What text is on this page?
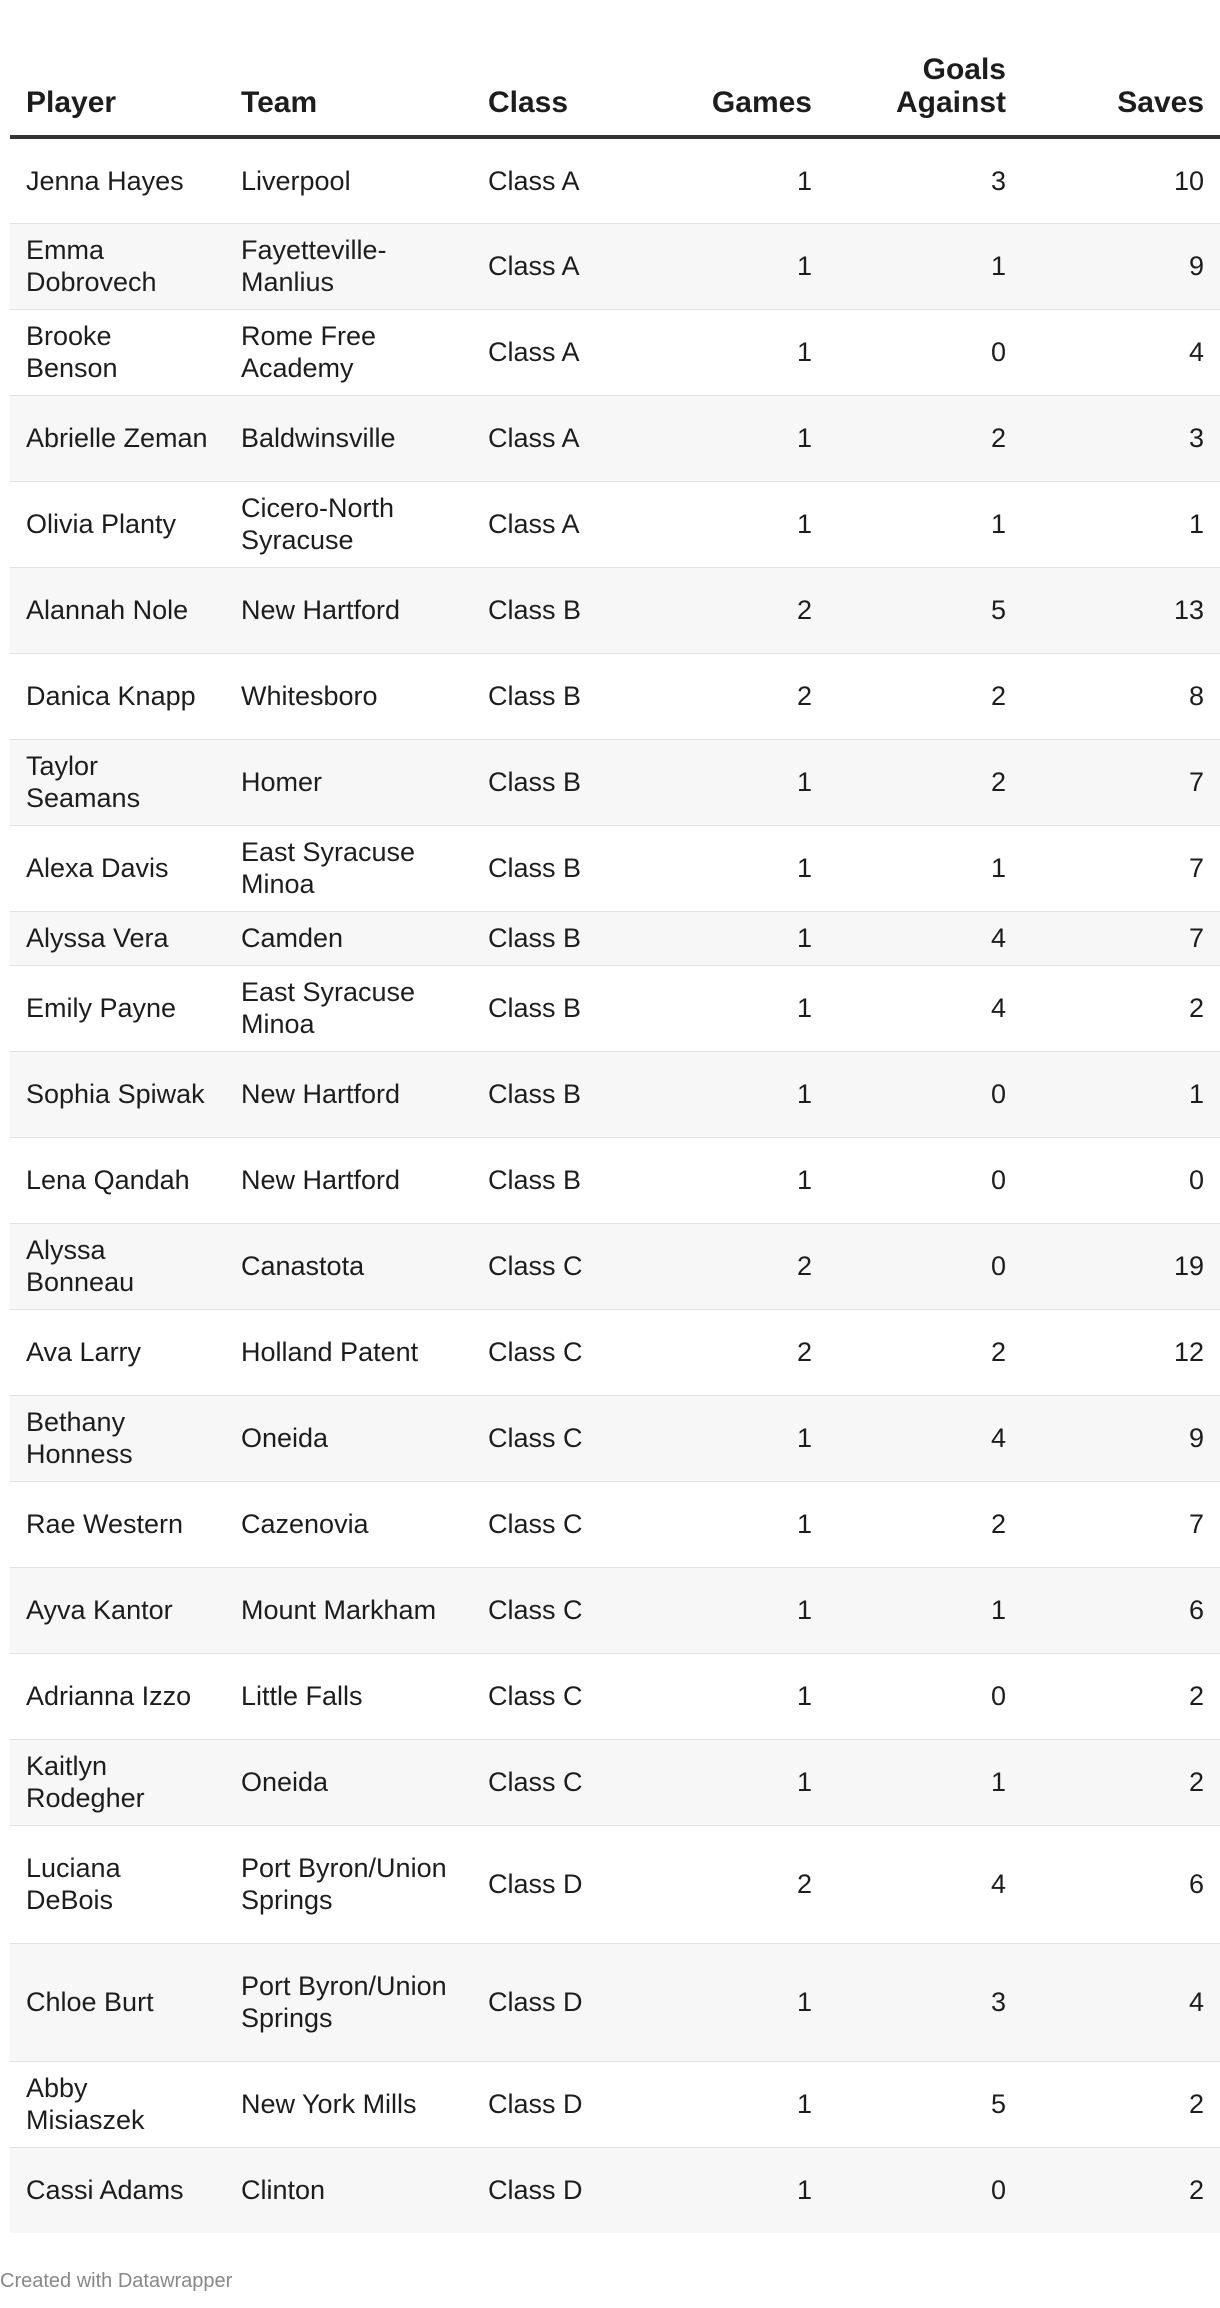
Player	Team	Class	Games	Goals Against	Saves
Jenna Hayes	Liverpool	Class A	1	3	10
Emma Dobrovech	Fayetteville-Manlius	Class A	1	1	9
Brooke Benson	Rome Free Academy	Class A	1	0	4
Abrielle Zeman	Baldwinsville	Class A	1	2	3
Olivia Planty	Cicero-North Syracuse	Class A	1	1	1
Alannah Nole	New Hartford	Class B	2	5	13
Danica Knapp	Whitesboro	Class B	2	2	8
Taylor Seamans	Homer	Class B	1	2	7
Alexa Davis	East Syracuse Minoa	Class B	1	1	7
Alyssa Vera	Camden	Class B	1	4	7
Emily Payne	East Syracuse Minoa	Class B	1	4	2
Sophia Spiwak	New Hartford	Class B	1	0	1
Lena Qandah	New Hartford	Class B	1	0	0
Alyssa Bonneau	Canastota	Class C	2	0	19
Ava Larry	Holland Patent	Class C	2	2	12
Bethany Honness	Oneida	Class C	1	4	9
Rae Western	Cazenovia	Class C	1	2	7
Ayva Kantor	Mount Markham	Class C	1	1	6
Adrianna Izzo	Little Falls	Class C	1	0	2
Kaitlyn Rodegher	Oneida	Class C	1	1	2
Luciana DeBois	Port Byron/Union Springs	Class D	2	4	6
Chloe Burt	Port Byron/Union Springs	Class D	1	3	4
Abby Misiaszek	New York Mills	Class D	1	5	2
Cassi Adams	Clinton	Class D	1	0	2
Created with Datawrapper
